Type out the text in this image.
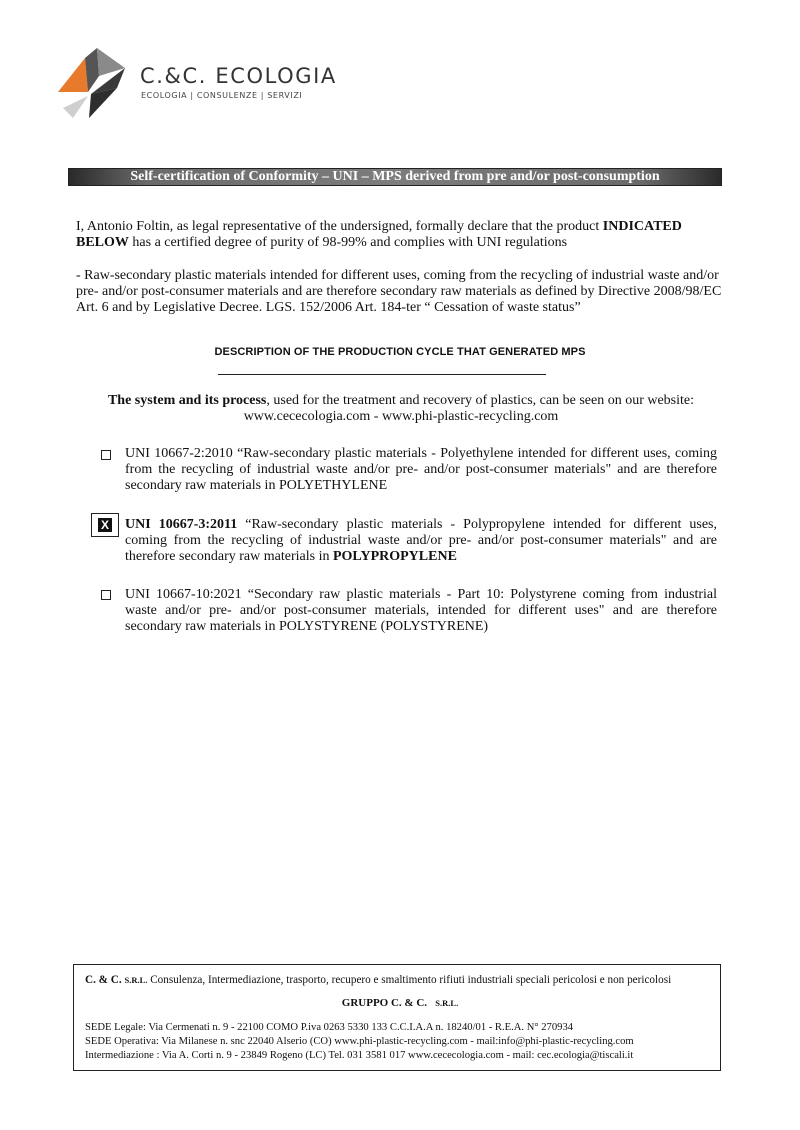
C.&C. ECOLOGIA
ECOLOGIA | CONSULENZE | SERVIZI
Self-certification of Conformity – UNI – MPS derived from pre and/or post-consumption
I, Antonio Foltin, as legal representative of the undersigned, formally declare that the product INDICATED BELOW has a certified degree of purity of 98-99% and complies with UNI regulations
- Raw-secondary plastic materials intended for different uses, coming from the recycling of industrial waste and/or pre- and/or post-consumer materials and are therefore secondary raw materials as defined by Directive 2008/98/EC Art. 6 and by Legislative Decree. LGS. 152/2006 Art. 184-ter “ Cessation of waste status”
DESCRIPTION OF THE PRODUCTION CYCLE THAT GENERATED MPS
The system and its process, used for the treatment and recovery of plastics, can be seen on our website:
www.cececologia.com - www.phi-plastic-recycling.com
UNI 10667-2:2010 “Raw-secondary plastic materials - Polyethylene intended for different uses, coming from the recycling of industrial waste and/or pre- and/or post-consumer materials" and are therefore secondary raw materials in POLYETHYLENE
X UNI 10667-3:2011 “Raw-secondary plastic materials - Polypropylene intended for different uses, coming from the recycling of industrial waste and/or pre- and/or post-consumer materials" and are therefore secondary raw materials in POLYPROPYLENE
UNI 10667-10:2021 “Secondary raw plastic materials - Part 10: Polystyrene coming from industrial waste and/or pre- and/or post-consumer materials, intended for different uses" and are therefore secondary raw materials in POLYSTYRENE (POLYSTYRENE)
C. & C. S.R.L. Consulenza, Intermediazione, trasporto, recupero e smaltimento rifiuti industriali speciali pericolosi e non pericolosi
GRUPPO C. & C. S.R.L.
SEDE Legale: Via Cermenati n. 9 - 22100 COMO P.iva 0263 5330 133 C.C.I.A.A n. 18240/01 - R.E.A. N° 270934
SEDE Operativa: Via Milanese n. snc 22040 Alserio (CO) www.phi-plastic-recycling.com - mail:info@phi-plastic-recycling.com
Intermediazione : Via A. Corti n. 9 - 23849 Rogeno (LC) Tel. 031 3581 017 www.cececologia.com - mail: cec.ecologia@tiscali.it
